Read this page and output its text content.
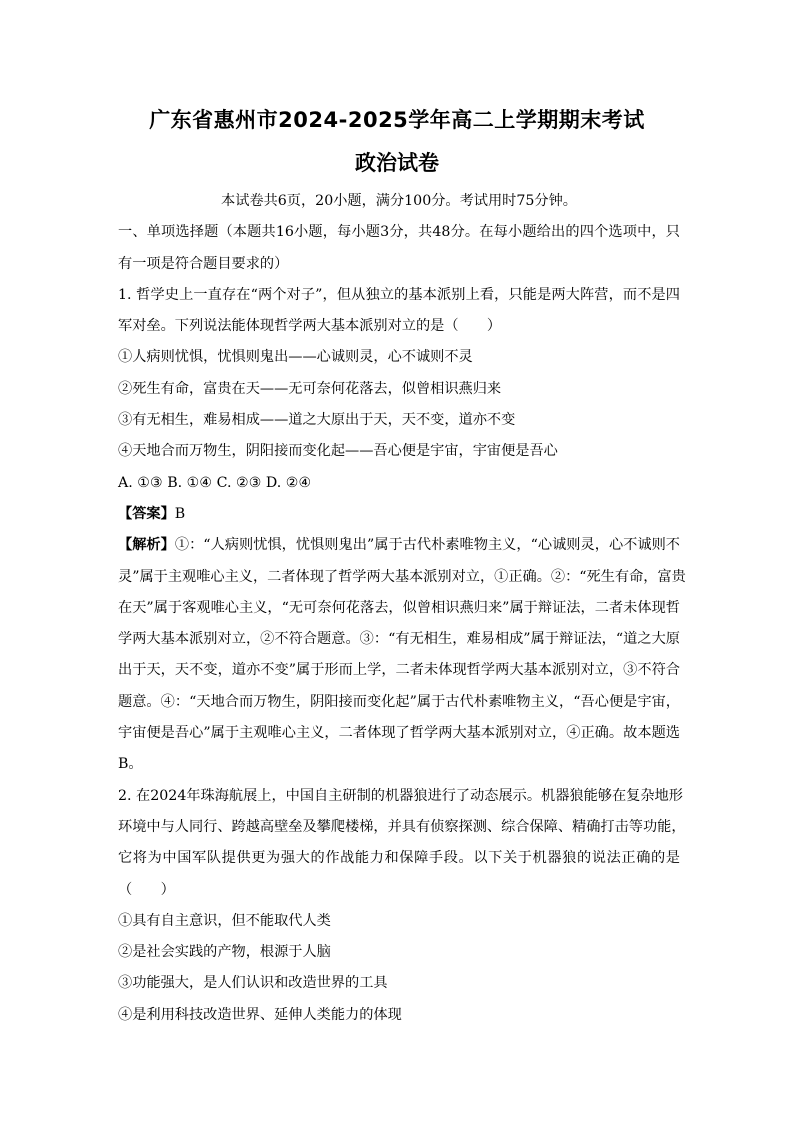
广东省惠州市2024-2025学年高二上学期期末考试
政治试卷
本试卷共6页，20小题，满分100分。考试用时75分钟。
一、单项选择题（本题共16小题，每小题3分，共48分。在每小题给出的四个选项中，只
有一项是符合题目要求的）
1. 哲学史上一直存在“两个对子”，但从独立的基本派别上看，只能是两大阵营，而不是四
军对垒。下列说法能体现哲学两大基本派别对立的是（　　）
①人病则忧惧，忧惧则鬼出——心诚则灵，心不诚则不灵
②死生有命，富贵在天——无可奈何花落去，似曾相识燕归来
③有无相生，难易相成——道之大原出于天，天不变，道亦不变
④天地合而万物生，阴阳接而变化起——吾心便是宇宙，宇宙便是吾心
A. ①③ B. ①④ C. ②③ D. ②④
【答案】B
【解析】①：“人病则忧惧，忧惧则鬼出”属于古代朴素唯物主义，“心诚则灵，心不诚则不
灵”属于主观唯心主义，二者体现了哲学两大基本派别对立，①正确。②：“死生有命，富贵
在天”属于客观唯心主义，“无可奈何花落去，似曾相识燕归来”属于辩证法，二者未体现哲
学两大基本派别对立，②不符合题意。③：“有无相生，难易相成”属于辩证法，“道之大原
出于天，天不变，道亦不变”属于形而上学，二者未体现哲学两大基本派别对立，③不符合
题意。④：“天地合而万物生，阴阳接而变化起”属于古代朴素唯物主义，“吾心便是宇宙，
宇宙便是吾心”属于主观唯心主义，二者体现了哲学两大基本派别对立，④正确。故本题选
B。
2. 在2024年珠海航展上，中国自主研制的机器狼进行了动态展示。机器狼能够在复杂地形
环境中与人同行、跨越高壁垒及攀爬楼梯，并具有侦察探测、综合保障、精确打击等功能，
它将为中国军队提供更为强大的作战能力和保障手段。以下关于机器狼的说法正确的是
（　　）
①具有自主意识，但不能取代人类
②是社会实践的产物，根源于人脑
③功能强大，是人们认识和改造世界的工具
④是利用科技改造世界、延伸人类能力的体现
